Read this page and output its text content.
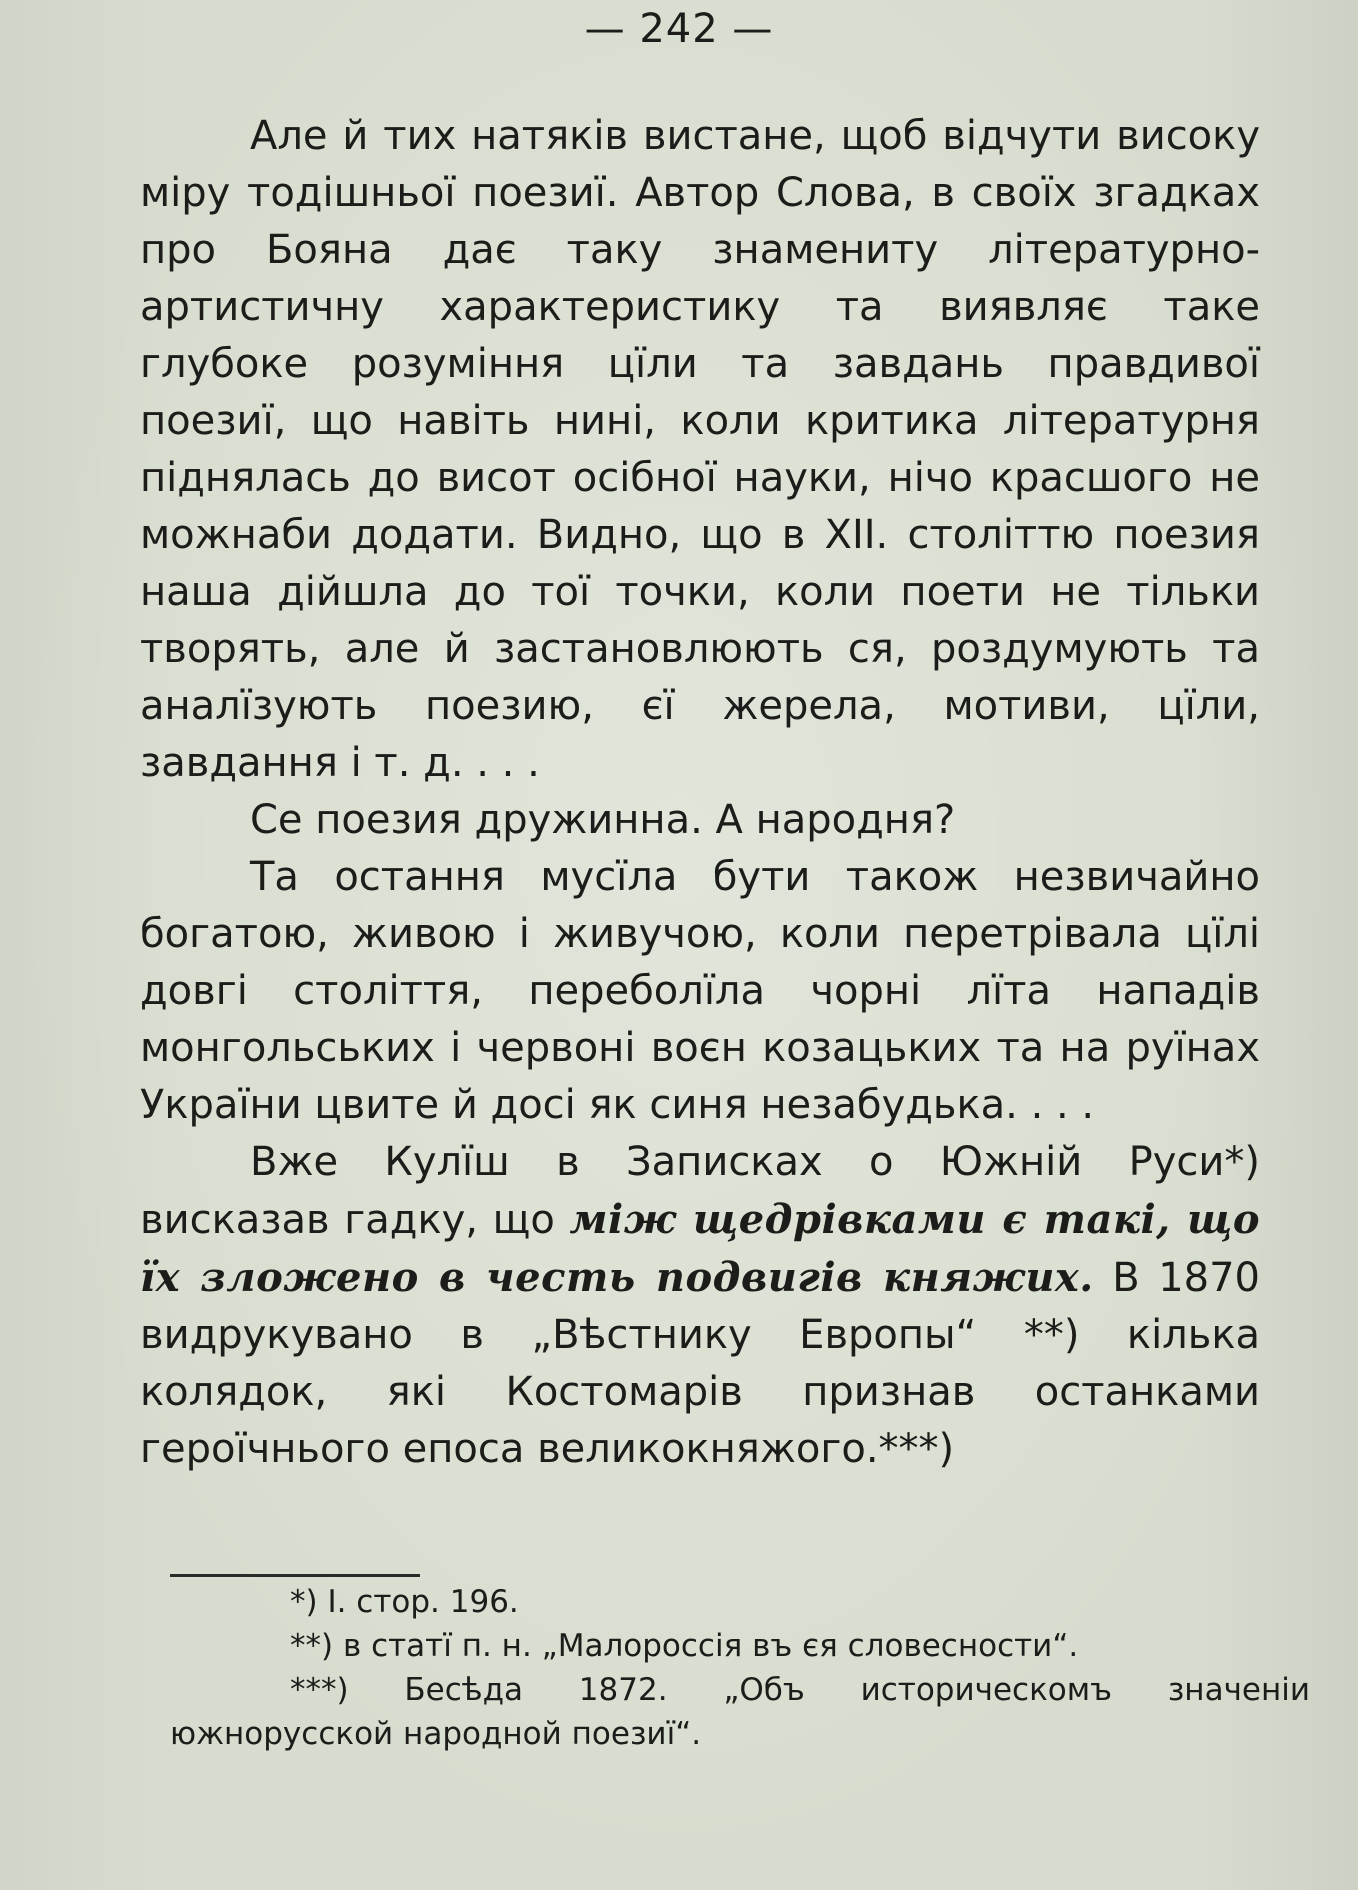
— 242 —

Але й тих натяків вистане, щоб відчути високу міру тодішньої поезиї. Автор Слова, в своїх згадках про Бояна дає таку знамениту літературно-артистичну характеристику та виявляє таке глубоке розуміння цїли та завдань правдивої поезиї, що навіть нині, коли критика літературня піднялась до висот осібної науки, нічо красшого не можнаби додати. Видно, що в XII. століттю поезия наша дійшла до тої точки, коли поети не тільки творять, але й застановлюють ся, роздумують та аналїзують поезию, єї жерела, мотиви, цїли, завдання і т. д. . . .

Се поезия дружинна. А народня?

Та остання мусїла бути також незвичайно богатою, живою і живучою, коли перетрівала цїлі довгі століття, переболїла чорні лїта нападів монгольських і червоні воєн козацьких та на руїнах України цвите й досі як синя незабудька. . . .

Вже Кулїш в Записках о Южній Руси*) висказав гадку, що між щедрівками є такі, що їх зложено в честь подвигів княжих. В 1870 видрукувано в „Вѣстнику Европы“ **) кілька колядок, які Костомарів признав останками героїчнього епоса великокняжого.***)

*) І. стор. 196.

**) в статї п. н. „Малороссія въ єя словесности“.

***) Бесѣда 1872. „Объ историческомъ значеніи южнорусской народной поезиї“.
